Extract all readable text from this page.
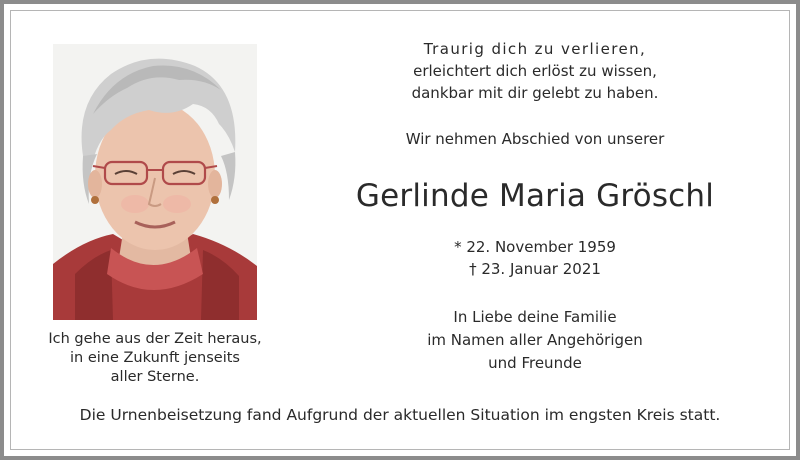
Ich gehe aus der Zeit heraus,
in eine Zukunft jenseits
aller Sterne.
Traurig dich zu verlieren,
erleichtert dich erlöst zu wissen,
dankbar mit dir gelebt zu haben.
Wir nehmen Abschied von unserer
Gerlinde Maria Gröschl
* 22. November 1959
† 23. Januar 2021
In Liebe deine Familie
im Namen aller Angehörigen
und Freunde
Die Urnenbeisetzung fand Aufgrund der aktuellen Situation im engsten Kreis statt.
